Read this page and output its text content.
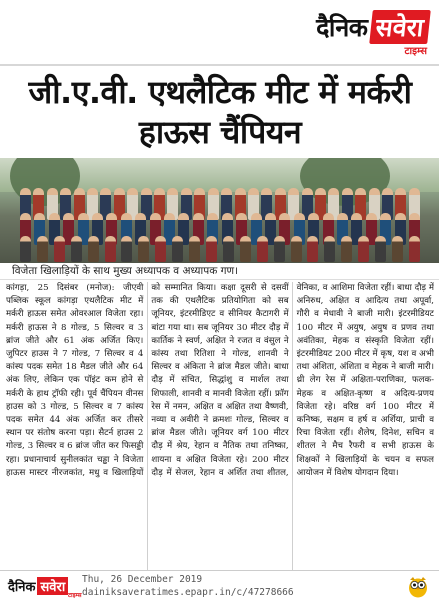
दैनिक सवेरा
टाइम्स
जी.ए.वी. एथलैटिक मीट में मर्करी हाऊस चैंपियन
विजेता खिलाड़ियों के साथ मुख्य अध्यापक व अध्यापक गण।

कांगड़ा, 25 दिसंबर (मनोज): जीएवी पब्लिक स्कूल कांगड़ा एथलैटिक मीट में मर्करी हाऊस समेत ओवरआल विजेता रहा। मर्करी हाऊस ने 8 गोल्ड, 5 सिल्वर व 3 ब्रांज जीते और 61 अंक अर्जित किए। जुपिटर हाउस ने 7 गोल्ड, 7 सिल्वर व 4 कांस्य पदक समेत 18 मैडल जीते और 64 अंक लिए, लेकिन एक पॉइंट कम होने से मर्करी के हाथ ट्रॉफी रही। पूर्व चैंपियन वीनस हाउस को 3 गोल्ड, 5 सिल्वर व 7 कांस्य पदक समेत 44 अंक अर्जित कर तीसरे स्थान पर संतोष करना पड़ा। सैटर्न हाउस 2 गोल्ड, 3 सिल्वर व 6 ब्रांज जीत कर फिसड्डी रहा। प्रधानाचार्य सुनीलकांत चड्ढा ने विजेता हाऊस मास्टर नीरजकांत, मधु व खिलाड़ियों को सम्मानित किया। कक्षा दूसरी से दसवीं तक की एथलैटिक प्रतियोगिता को सब जूनियर, इंटरमीडिएट व सीनियर कैटागरी में बांटा गया था। सब जूनियर 30 मीटर दौड़ में कार्तिक ने स्वर्ण, अक्षित ने रजत व वंसुल ने कांस्य तथा रितिशा ने गोल्ड, शानवी ने सिल्वर व अंकिता ने ब्रांज मैडल जीते। बाधा दौड़ में संचित, सिद्धांशु व मार्शल तथा शिफाली, शानवी व मानवी विजेता रहीं। फ्रॉग रेस में नमन, अक्षित व अक्षित तथा वैष्णवी, नव्या व अवीरी ने क्रमशः गोल्ड, सिल्वर व ब्रांज मैडल जीते। जूनियर वर्ग 100 मीटर दौड़ में श्रेय, रेहान व नैतिक तथा तनिष्का, शायना व अक्षित विजेता रहे। 200 मीटर दौड़ में सेजल, रेहान व अर्शित तथा शीतल, वेनिका, व आशिमा विजेता रहीं। बाधा दौड़ में अनिरुध, अक्षित व आदित्य तथा अपूर्वा, गौरी व मेधावी ने बाजी मारी। इंटरमीडियट 100 मीटर में अयुष, अयुष व प्रणव तथा अवंतिका, मेहक व संस्कृति विजेता रहीं। इंटरमीडियट 200 मीटर में कृष, यश व अभी तथा अंशिता, अंशिता व मेहक ने बाजी मारी। थ्री लेग रेस में अक्षिता-पराणिका, फलक-मेहक व अक्षित-कृष्ण व अदित्य-प्रणय विजेता रहे। वरिष्ठ वर्ग 100 मीटर में कनिष्क, सक्षम व हर्ष व अर्शिया, प्राची व रिचा विजेता रहीं। शैलेष, दिनेश, सचिन व शीतल ने मैच रैफरी व सभी हाऊस के शिक्षकों ने खिलाड़ियों के चयन व सफल आयोजन में विशेष योगदान दिया।

दैनिक सवेरा
टाइम्स
Thu, 26 December 2019
dainiksaveratimes.epapr.in/c/47278666
